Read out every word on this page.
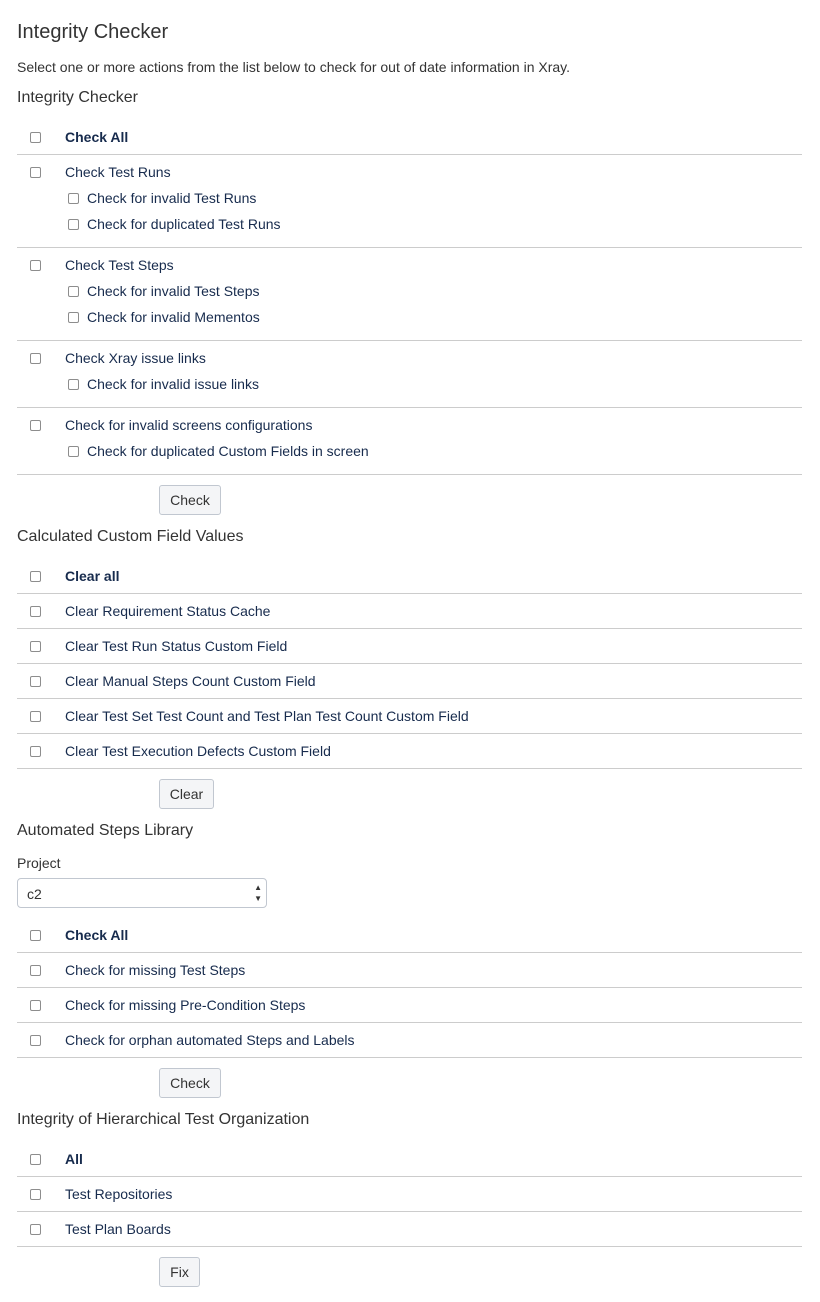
Integrity Checker
Select one or more actions from the list below to check for out of date information in Xray.
Integrity Checker
Check All
Check Test Runs
Check for invalid Test Runs
Check for duplicated Test Runs
Check Test Steps
Check for invalid Test Steps
Check for invalid Mementos
Check Xray issue links
Check for invalid issue links
Check for invalid screens configurations
Check for duplicated Custom Fields in screen
Check
Calculated Custom Field Values
Clear all
Clear Requirement Status Cache
Clear Test Run Status Custom Field
Clear Manual Steps Count Custom Field
Clear Test Set Test Count and Test Plan Test Count Custom Field
Clear Test Execution Defects Custom Field
Clear
Automated Steps Library
Project
c2	▲
▼
Check All
Check for missing Test Steps
Check for missing Pre-Condition Steps
Check for orphan automated Steps and Labels
Check
Integrity of Hierarchical Test Organization
All
Test Repositories
Test Plan Boards
Fix
